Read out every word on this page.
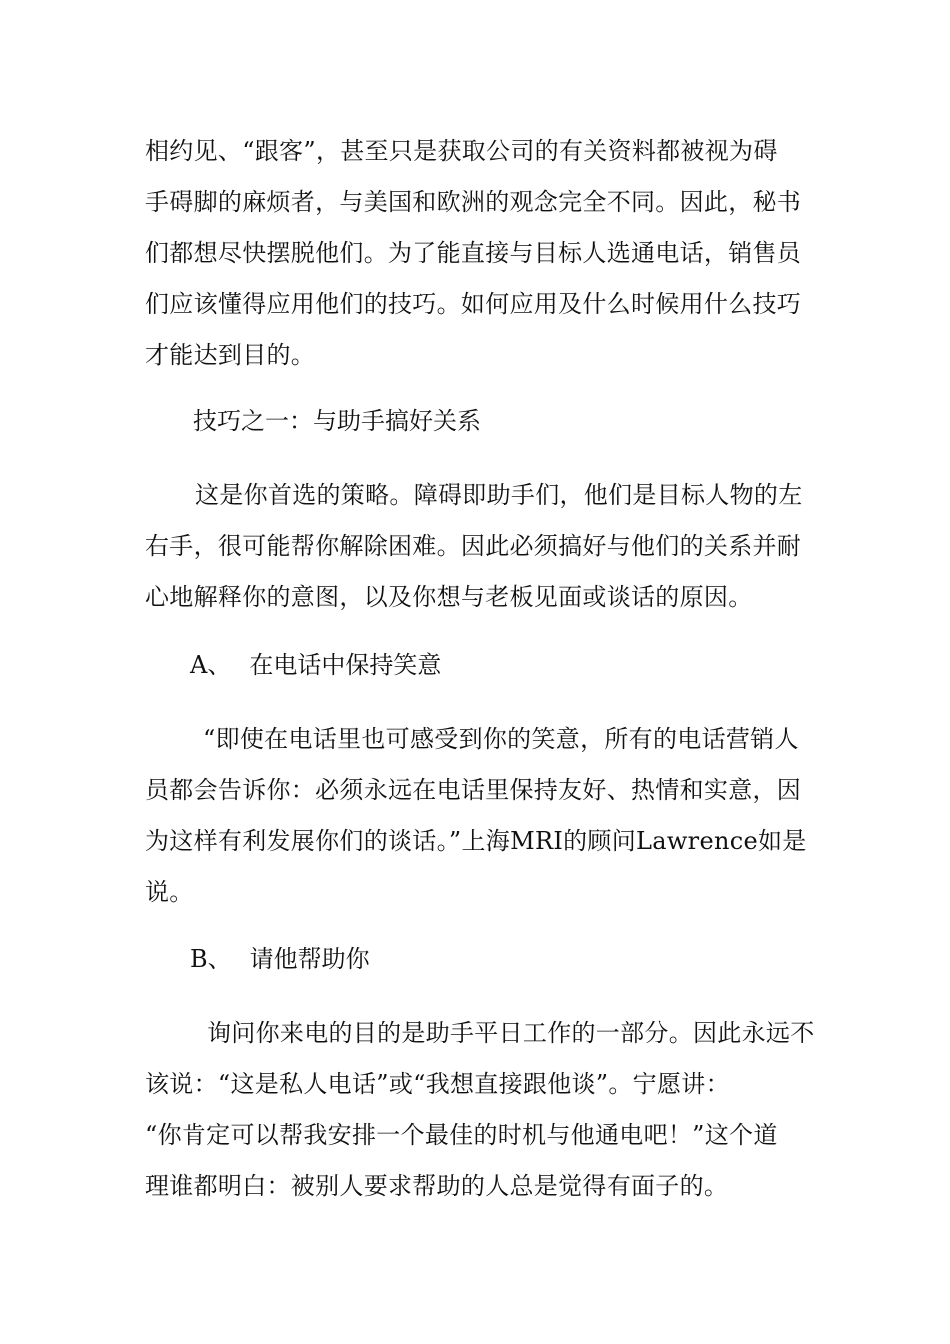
相约见、“跟客”，甚至只是获取公司的有关资料都被视为碍
手碍脚的麻烦者，与美国和欧洲的观念完全不同。因此，秘书
们都想尽快摆脱他们。为了能直接与目标人选通电话，销售员
们应该懂得应用他们的技巧。如何应用及什么时候用什么技巧
才能达到目的。
技巧之一：与助手搞好关系
这是你首选的策略。障碍即助手们，他们是目标人物的左
右手，很可能帮你解除困难。因此必须搞好与他们的关系并耐
心地解释你的意图，以及你想与老板见面或谈话的原因。
A、 在电话中保持笑意
“即使在电话里也可感受到你的笑意，所有的电话营销人
员都会告诉你：必须永远在电话里保持友好、热情和实意，因
为这样有利发展你们的谈话。”上海MRI的顾问Lawrence如是
说。
B、 请他帮助你
询问你来电的目的是助手平日工作的一部分。因此永远不
该说：“这是私人电话”或“我想直接跟他谈”。宁愿讲：
“你肯定可以帮我安排一个最佳的时机与他通电吧！”这个道
理谁都明白：被别人要求帮助的人总是觉得有面子的。
